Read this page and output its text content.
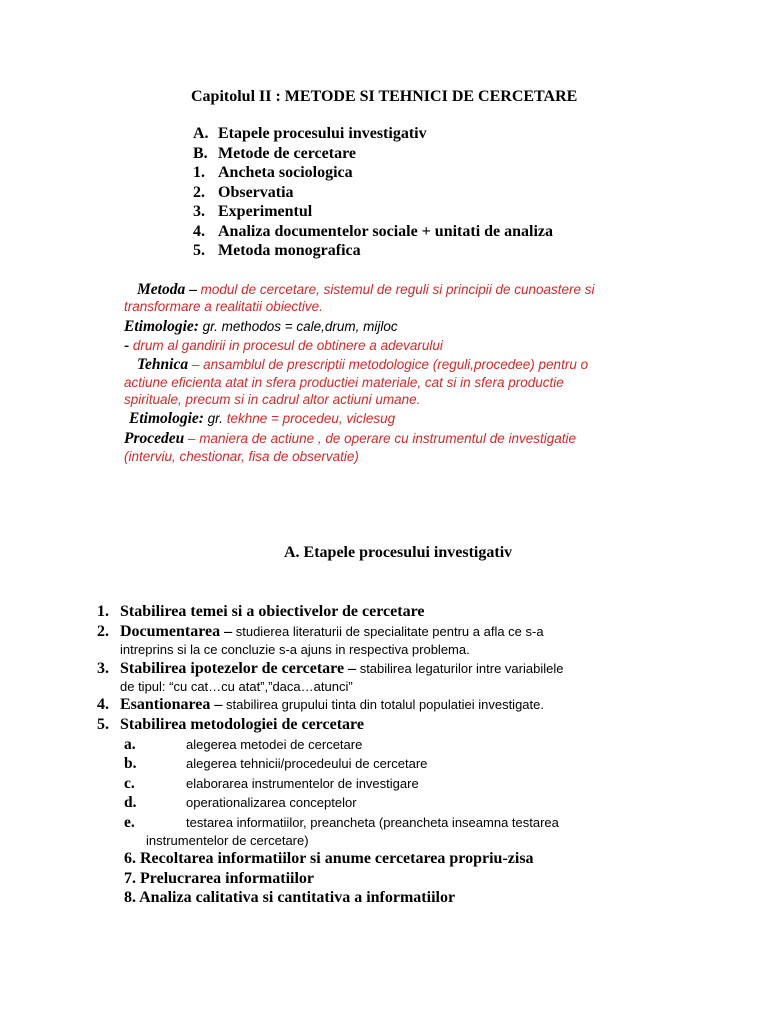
Capitolul II : METODE SI TEHNICI DE CERCETARE
A. Etapele procesului investigativ
B. Metode de cercetare
1. Ancheta sociologica
2. Observatia
3. Experimentul
4. Analiza documentelor sociale + unitati de analiza
5. Metoda monografica
Metoda – modul de cercetare, sistemul de reguli si principii de cunoastere si
transformare a realitatii obiective.
Etimologie: gr. methodos = cale,drum, mijloc
- drum al gandirii in procesul de obtinere a adevarului
Tehnica – ansamblul de prescriptii metodologice (reguli,procedee) pentru o
actiune eficienta atat in sfera productiei materiale, cat si in sfera productie
spirituale, precum si in cadrul altor actiuni umane.
Etimologie: gr. tekhne = procedeu, viclesug
Procedeu – maniera de actiune , de operare cu instrumentul de investigatie
(interviu, chestionar, fisa de observatie)
A. Etapele procesului investigativ
1. Stabilirea temei si a obiectivelor de cercetare
2. Documentarea – studierea literaturii de specialitate pentru a afla ce s-a
intreprins si la ce concluzie s-a ajuns in respectiva problema.
3. Stabilirea ipotezelor de cercetare – stabilirea legaturilor intre variabilele
de tipul: “cu cat…cu atat”,”daca…atunci”
4. Esantionarea – stabilirea grupului tinta din totalul populatiei investigate.
5. Stabilirea metodologiei de cercetare
a.	alegerea metodei de cercetare
b.	alegerea tehnicii/procedeului de cercetare
c.	elaborarea instrumentelor de investigare
d.	operationalizarea conceptelor
e.	testarea informatiilor, preancheta (preancheta inseamna testarea
instrumentelor de cercetare)
6. Recoltarea informatiilor si anume cercetarea propriu-zisa
7. Prelucrarea informatiilor
8. Analiza calitativa si cantitativa a informatiilor
